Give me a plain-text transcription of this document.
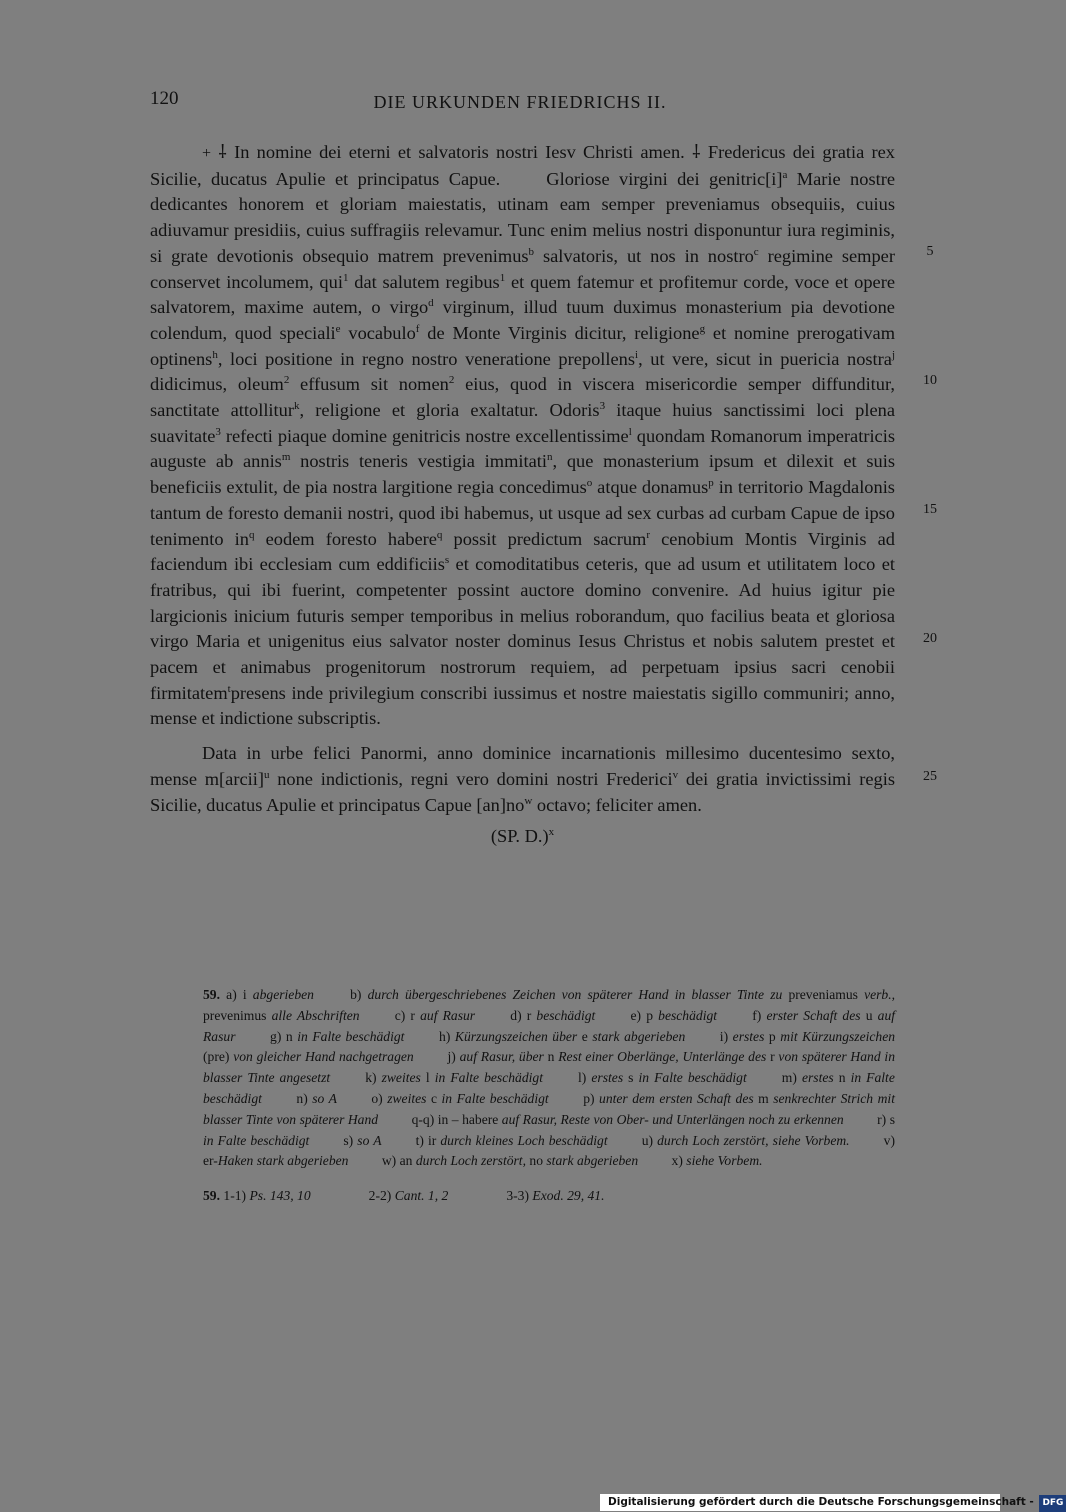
120	DIE URKUNDEN FRIEDRICHS II.

+ ⸸ In nomine dei eterni et salvatoris nostri Iesv Christi amen. ⸸ Fredericus dei gratia rex Sicilie, ducatus Apulie et principatus Capue.	Gloriose virgini dei $genitric[i]^a$ Marie nostre dedicantes honorem et gloriam maiestatis, utinam eam semper preveniamus obsequiis, cuius adiuvamur presidiis, cuius suffragiis relevamur. Tunc enim melius nostri disponuntur iura regiminis, si grate devotionis obsequio matrem prevenimus$^b$ salvatoris, ut nos in nostro$^c$ regimine semper conservet incolumem, qui$^1$ dat salutem regibus$^1$ et quem fatemur et profitemur corde, voce et opere salvatorem, maxime autem, o virgo$^d$ virginum, illud tuum duximus monasterium pia devotione colendum, quod speciali$^e$ vocabulo$^f$ de Monte Virginis dicitur, religione$^g$ et nomine prerogativam optinens$^h$, loci positione in regno nostro veneratione prepollens$^i$, ut vere, sicut in puericia nostra$^j$ didicimus, oleum$^2$ effusum sit nomen$^2$ eius, quod in viscera misericordie semper diffunditur, sanctitate attollitur$^k$, religione et gloria exaltatur. Odoris$^3$ itaque huius sanctissimi loci plena suavitate$^3$ refecti piaque domine genitricis nostre excellentissime$^l$ quondam Romanorum imperatricis auguste ab annis$^m$ nostris teneris vestigia immitati$^n$, que monasterium ipsum et dilexit et suis beneficiis extulit, de pia nostra largitione regia concedimus$^o$ atque donamus$^p$ in territorio Magdalonis tantum de foresto demanii nostri, quod ibi habemus, ut usque ad sex curbas ad curbam Capue de ipso tenimento $in^q$ eodem foresto habere$^q$ possit predictum sacrum$^r$ cenobium Montis Virginis ad faciendum ibi ecclesiam cum eddificiis$^s$ et comoditatibus ceteris, que ad usum et utilitatem loco et fratribus, qui ibi fuerint, competenter possint auctore domino convenire. Ad huius igitur pie largicionis inicium futuris semper temporibus in melius roborandum, quo facilius beata et gloriosa virgo Maria et unigenitus eius salvator noster dominus Iesus Christus et nobis salutem prestet et pacem et animabus progenitorum nostrorum requiem, ad perpetuam ipsius sacri cenobii firmitatem$^t$presens inde privilegium conscribi iussimus et nostre maiestatis sigillo communiri; anno, mense et indictione subscriptis.

Data in urbe felici Panormi, anno dominice incarnationis millesimo ducentesimo sexto, mense m[arcii]$^u$ none indictionis, regni vero domini nostri Frederici$^v$ dei gratia invictissimi regis Sicilie, ducatus Apulie et principatus Capue $[an]no^w$ octavo; feliciter amen.

(SP. D.)$^x$

5
10
15
20
25

59. a) i abgerieben	b) durch übergeschriebenes Zeichen von späterer Hand in blasser Tinte zu preveniamus verb., prevenimus alle Abschriften	c) r auf Rasur	d) r beschädigt	e) p beschädigt	f) erster Schaft des u auf Rasur	g) n in Falte beschädigt	h) Kürzungszeichen über e stark abgerieben	i) erstes p mit Kürzungszeichen (pre) von gleicher Hand nachgetragen j) auf Rasur, über n Rest einer Oberlänge, Unterlänge des r von späterer Hand in blasser Tinte angesetzt	k) zweites l in Falte beschädigt	l) erstes s in Falte beschädigt	m) erstes n in Falte beschädigt	n) so A	o) zweites c in Falte beschädigt	p) unter dem ersten Schaft des m senkrechter Strich mit blasser Tinte von späterer Hand q-q) in – habere auf Rasur, Reste von Ober- und Unterlängen noch zu erkennen r) s in Falte beschädigt	s) so A	t) ir durch kleines Loch beschädigt	u) durch Loch zerstört, siehe Vorbem.	v) er-Haken stark abgerieben w) an durch Loch zerstört, no stark abgerieben x) siehe Vorbem.

59. 1-1) Ps. 143, 10	2-2) Cant. 1, 2	3-3) Exod. 29, 41.

Digitalisierung gefördert durch die Deutsche Forschungsgemeinschaft - DFG
